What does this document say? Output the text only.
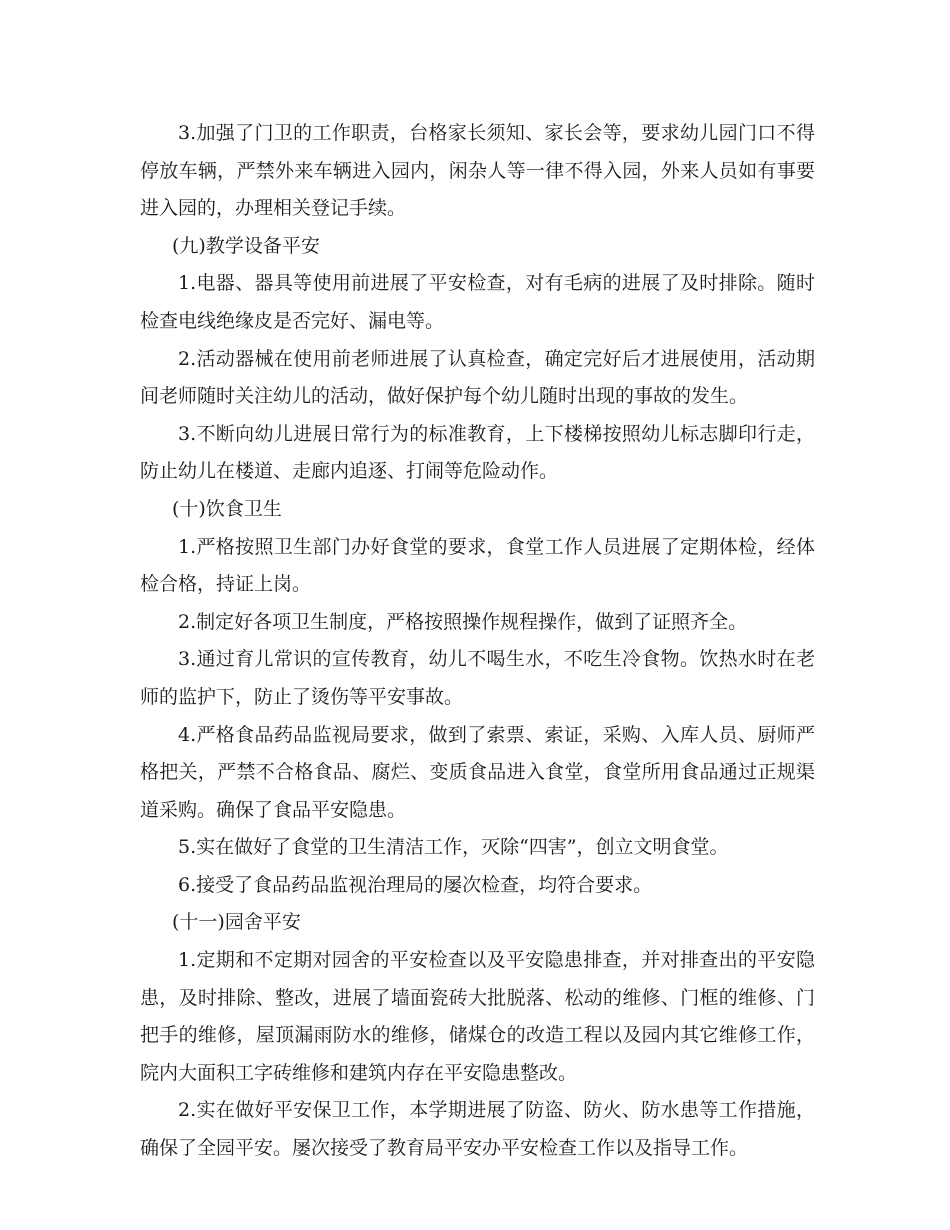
3.加强了门卫的工作职责，台格家长须知、家长会等，要求幼儿园门口不得停放车辆，严禁外来车辆进入园内，闲杂人等一律不得入园，外来人员如有事要进入园的，办理相关登记手续。

(九)教学设备平安

1.电器、器具等使用前进展了平安检查，对有毛病的进展了及时排除。随时检查电线绝缘皮是否完好、漏电等。

2.活动器械在使用前老师进展了认真检查，确定完好后才进展使用，活动期间老师随时关注幼儿的活动，做好保护每个幼儿随时出现的事故的发生。

3.不断向幼儿进展日常行为的标准教育，上下楼梯按照幼儿标志脚印行走，防止幼儿在楼道、走廊内追逐、打闹等危险动作。

(十)饮食卫生

1.严格按照卫生部门办好食堂的要求，食堂工作人员进展了定期体检，经体检合格，持证上岗。

2.制定好各项卫生制度，严格按照操作规程操作，做到了证照齐全。

3.通过育儿常识的宣传教育，幼儿不喝生水，不吃生冷食物。饮热水时在老师的监护下，防止了烫伤等平安事故。

4.严格食品药品监视局要求，做到了索票、索证，采购、入库人员、厨师严格把关，严禁不合格食品、腐烂、变质食品进入食堂，食堂所用食品通过正规渠道采购。确保了食品平安隐患。

5.实在做好了食堂的卫生清洁工作，灭除“四害”，创立文明食堂。

6.接受了食品药品监视治理局的屡次检查，均符合要求。

(十一)园舍平安

1.定期和不定期对园舍的平安检查以及平安隐患排查，并对排查出的平安隐患，及时排除、整改，进展了墙面瓷砖大批脱落、松动的维修、门框的维修、门把手的维修，屋顶漏雨防水的维修，储煤仓的改造工程以及园内其它维修工作，院内大面积工字砖维修和建筑内存在平安隐患整改。

2.实在做好平安保卫工作，本学期进展了防盗、防火、防水患等工作措施，确保了全园平安。屡次接受了教育局平安办平安检查工作以及指导工作。
